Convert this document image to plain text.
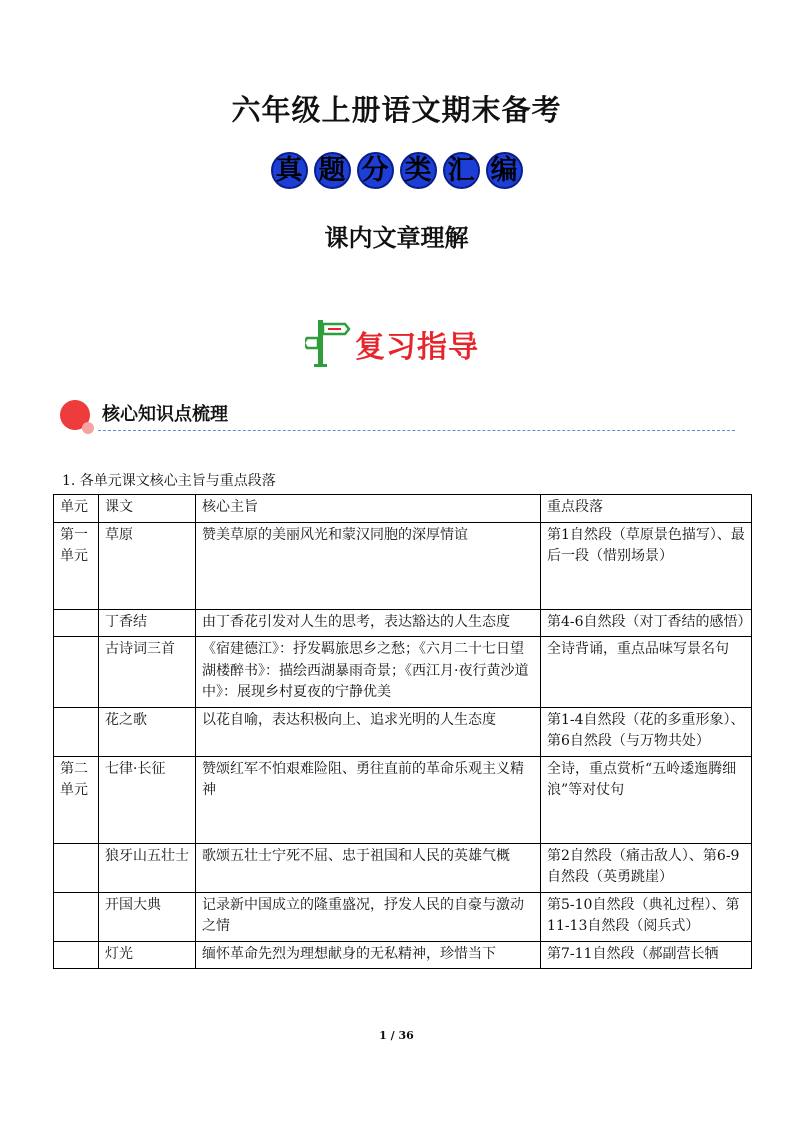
六年级上册语文期末备考
真 题 分 类 汇 编
课内文章理解
复习指导
核心知识点梳理
1. 各单元课文核心主旨与重点段落
单元	课文	核心主旨	重点段落
第一单元	草原	赞美草原的美丽风光和蒙汉同胞的深厚情谊	第1自然段（草原景色描写）、最后一段（惜别场景）
	丁香结	由丁香花引发对人生的思考，表达豁达的人生态度	第4-6自然段（对丁香结的感悟）
	古诗词三首	《宿建德江》：抒发羁旅思乡之愁；《六月二十七日望湖楼醉书》：描绘西湖暴雨奇景；《西江月·夜行黄沙道中》：展现乡村夏夜的宁静优美	全诗背诵，重点品味写景名句
	花之歌	以花自喻，表达积极向上、追求光明的人生态度	第1-4自然段（花的多重形象）、第6自然段（与万物共处）
第二单元	七律·长征	赞颂红军不怕艰难险阻、勇往直前的革命乐观主义精神	全诗，重点赏析“五岭逶迤腾细浪”等对仗句
	狼牙山五壮士	歌颂五壮士宁死不屈、忠于祖国和人民的英雄气概	第2自然段（痛击敌人）、第6-9自然段（英勇跳崖）
	开国大典	记录新中国成立的隆重盛况，抒发人民的自豪与激动之情	第5-10自然段（典礼过程）、第11-13自然段（阅兵式）
	灯光	缅怀革命先烈为理想献身的无私精神，珍惜当下	第7-11自然段（郝副营长牺
1 / 36
